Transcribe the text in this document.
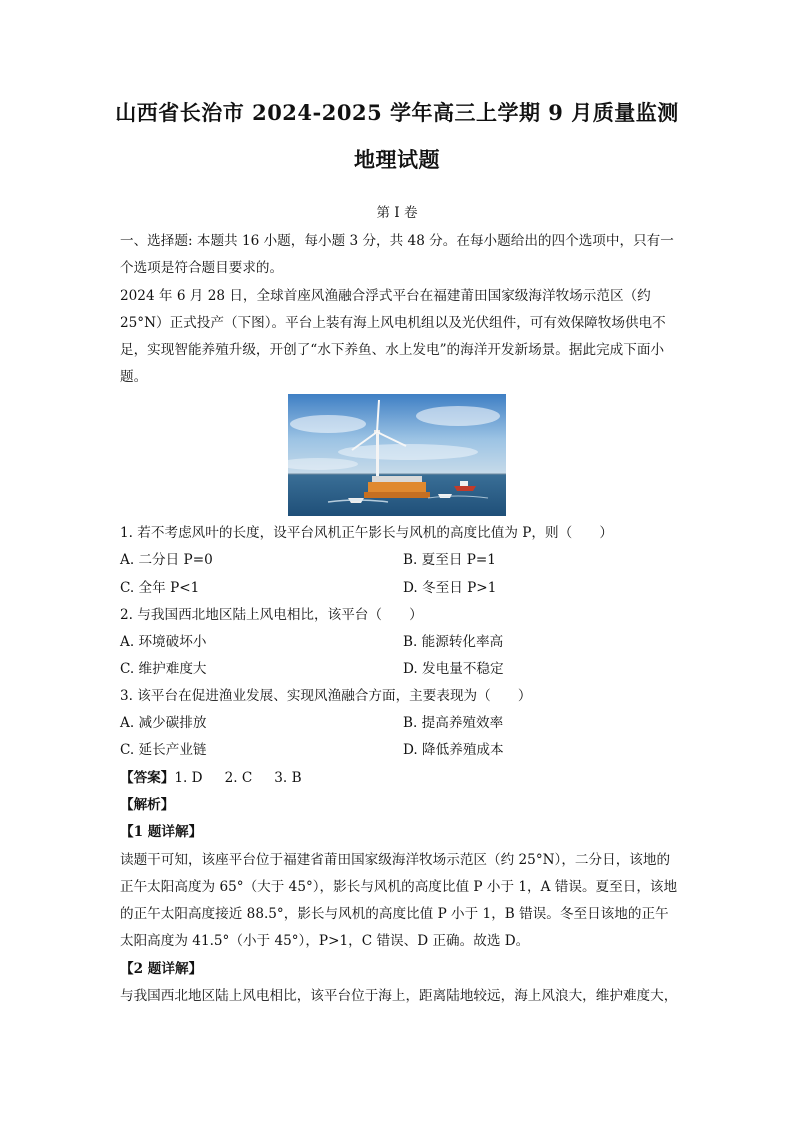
山西省长治市 2024-2025 学年高三上学期 9 月质量监测
地理试题
第 I 卷
一、选择题: 本题共 16 小题，每小题 3 分，共 48 分。在每小题给出的四个选项中，只有一
个选项是符合题目要求的。
2024 年 6 月 28 日，全球首座风渔融合浮式平台在福建莆田国家级海洋牧场示范区（约
25°N）正式投产（下图）。平台上装有海上风电机组以及光伏组件，可有效保障牧场供电不
足，实现智能养殖升级，开创了“水下养鱼、水上发电”的海洋开发新场景。据此完成下面小
题。
1. 若不考虑风叶的长度，设平台风机正午影长与风机的高度比值为 P，则（　　）
A. 二分日 P=0	B. 夏至日 P=1
C. 全年 P<1	D. 冬至日 P>1
2. 与我国西北地区陆上风电相比，该平台（　　）
A. 环境破坏小	B. 能源转化率高
C. 维护难度大	D. 发电量不稳定
3. 该平台在促进渔业发展、实现风渔融合方面，主要表现为（　　）
A. 减少碳排放	B. 提高养殖效率
C. 延长产业链	D. 降低养殖成本
【答案】1. D 2. C 3. B
【解析】
【1 题详解】
读题干可知，该座平台位于福建省莆田国家级海洋牧场示范区（约 25°N），二分日，该地的
正午太阳高度为 65°（大于 45°），影长与风机的高度比值 P 小于 1，A 错误。夏至日，该地
的正午太阳高度接近 88.5°，影长与风机的高度比值 P 小于 1，B 错误。冬至日该地的正午
太阳高度为 41.5°（小于 45°），P>1，C 错误、D 正确。故选 D。
【2 题详解】
与我国西北地区陆上风电相比，该平台位于海上，距离陆地较远，海上风浪大，维护难度大，
